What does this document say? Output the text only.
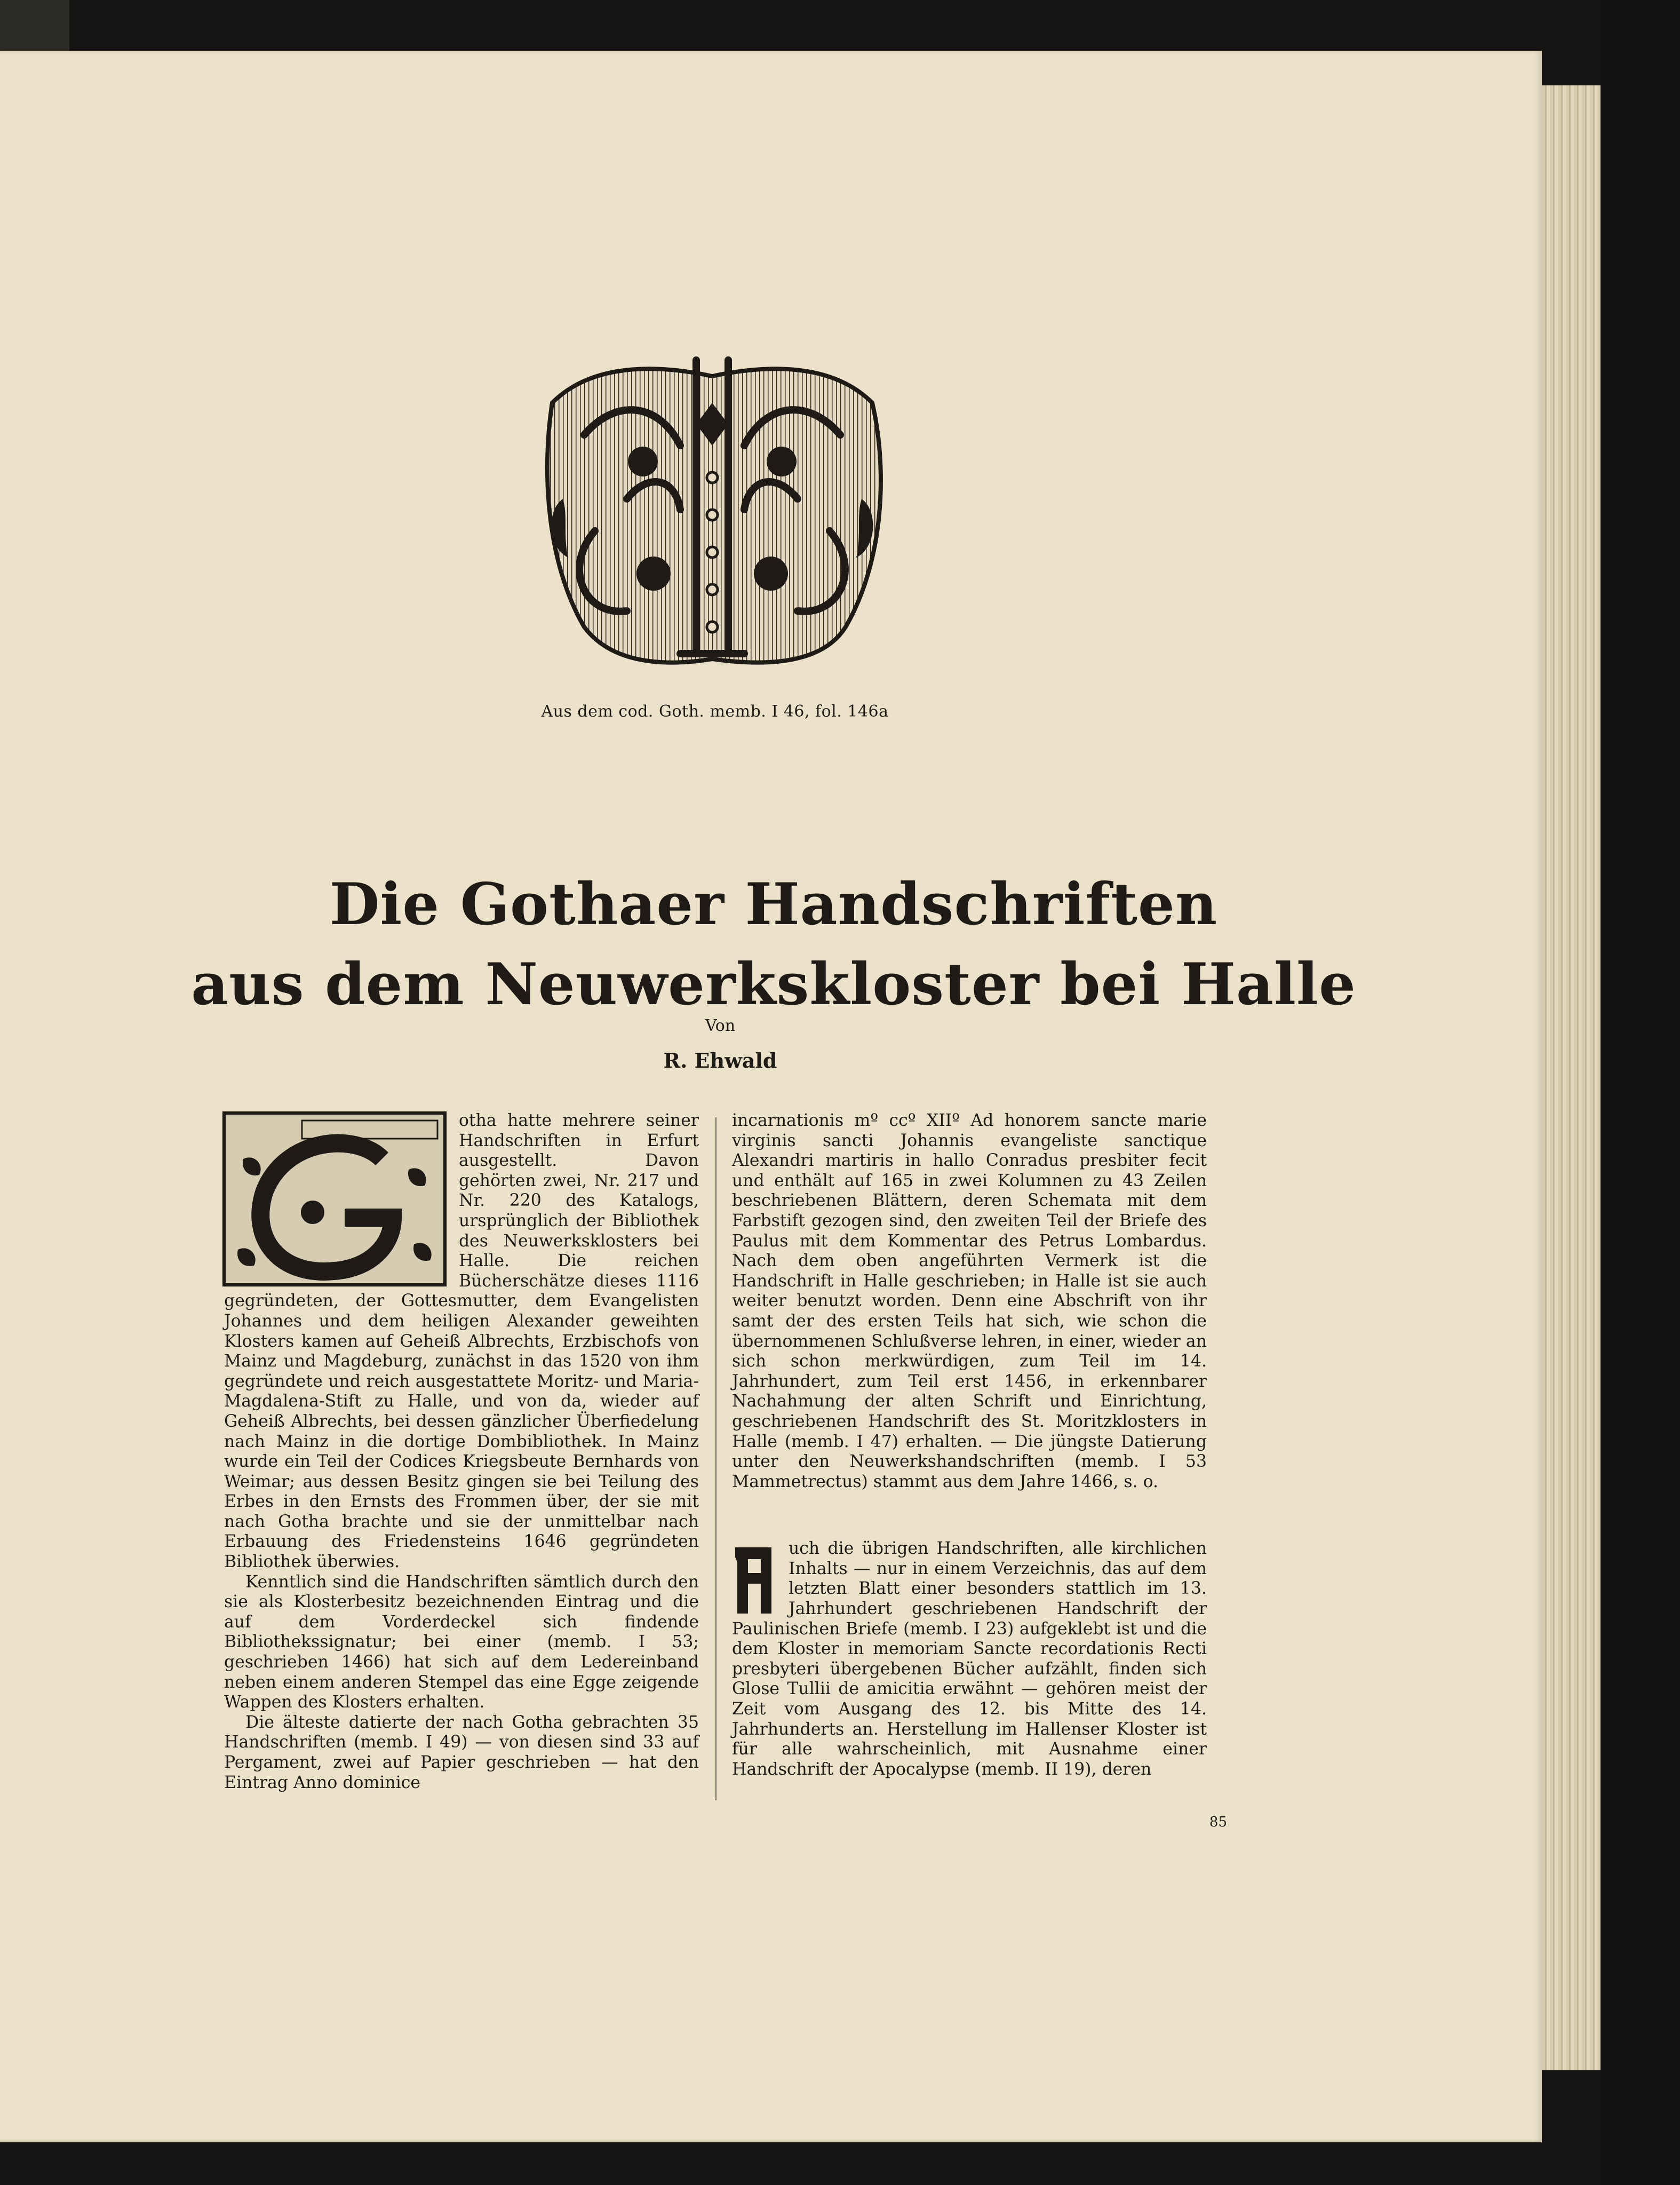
Aus dem cod. Goth. memb. I 46, fol. 146a
Die Gothaer Handschriften
aus dem Neuwerkskloster bei Halle
Von
R. Ehwald

otha hatte mehrere seiner Handschriften in Erfurt ausgestellt. Davon gehörten zwei, Nr. 217 und Nr. 220 des Katalogs, ursprünglich der Bibliothek des Neuwerksklosters bei Halle. Die reichen Bücherschätze dieses 1116 gegründeten, der Gottesmutter, dem Evangelisten Johannes und dem heiligen Alexander geweihten Klosters kamen auf Geheiß Albrechts, Erzbischofs von Mainz und Magdeburg, zunächst in das 1520 von ihm gegründete und reich ausgestattete Moritz- und Maria-Magdalena-Stift zu Halle, und von da, wieder auf Geheiß Albrechts, bei dessen gänzlicher Überfiedelung nach Mainz in die dortige Dombibliothek. In Mainz wurde ein Teil der Codices Kriegsbeute Bernhards von Weimar; aus dessen Besitz gingen sie bei Teilung des Erbes in den Ernsts des Frommen über, der sie mit nach Gotha brachte und sie der unmittelbar nach Erbauung des Friedensteins 1646 gegründeten Bibliothek überwies.

Kenntlich sind die Handschriften sämtlich durch den sie als Klosterbesitz bezeichnenden Eintrag und die auf dem Vorderdeckel sich findende Bibliothekssignatur; bei einer (memb. I 53; geschrieben 1466) hat sich auf dem Ledereinband neben einem anderen Stempel das eine Egge zeigende Wappen des Klosters erhalten.

Die älteste datierte der nach Gotha gebrachten 35 Handschriften (memb. I 49) — von diesen sind 33 auf Pergament, zwei auf Papier geschrieben — hat den Eintrag Anno dominice

incarnationis mº ccº XIIº Ad honorem sancte marie virginis sancti Johannis evangeliste sanctique Alexandri martiris in hallo Conradus presbiter fecit und enthält auf 165 in zwei Kolumnen zu 43 Zeilen beschriebenen Blättern, deren Schemata mit dem Farbstift gezogen sind, den zweiten Teil der Briefe des Paulus mit dem Kommentar des Petrus Lombardus. Nach dem oben angeführten Vermerk ist die Handschrift in Halle geschrieben; in Halle ist sie auch weiter benutzt worden. Denn eine Abschrift von ihr samt der des ersten Teils hat sich, wie schon die übernommenen Schlußverse lehren, in einer, wieder an sich schon merkwürdigen, zum Teil im 14. Jahrhundert, zum Teil erst 1456, in erkennbarer Nachahmung der alten Schrift und Einrichtung, geschriebenen Handschrift des St. Moritzklosters in Halle (memb. I 47) erhalten. — Die jüngste Datierung unter den Neuwerkshandschriften (memb. I 53 Mammetrectus) stammt aus dem Jahre 1466, s. o.

A
uch die übrigen Handschriften, alle kirchlichen Inhalts — nur in einem Verzeichnis, das auf dem letzten Blatt einer besonders stattlich im 13. Jahrhundert geschriebenen Handschrift der Paulinischen Briefe (memb. I 23) aufgeklebt ist und die dem Kloster in memoriam Sancte recordationis Recti presbyteri übergebenen Bücher aufzählt, finden sich Glose Tullii de amicitia erwähnt — gehören meist der Zeit vom Ausgang des 12. bis Mitte des 14. Jahrhunderts an. Herstellung im Hallenser Kloster ist für alle wahrscheinlich, mit Ausnahme einer Handschrift der Apocalypse (memb. II 19), deren

85
